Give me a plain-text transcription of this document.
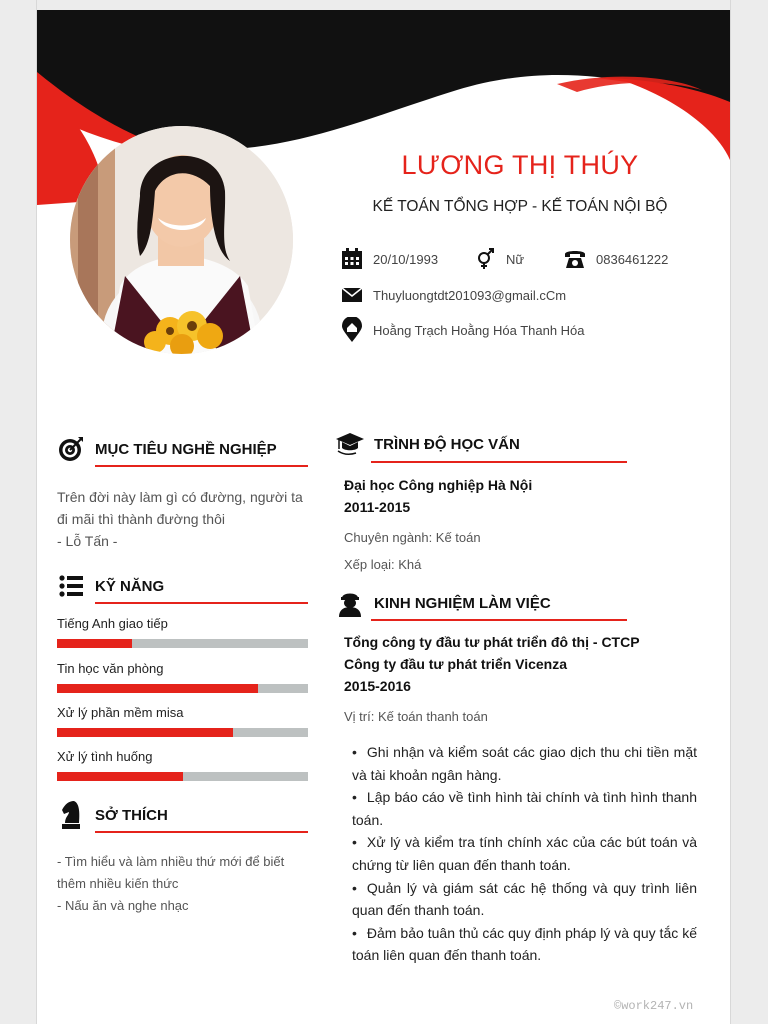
LƯƠNG THỊ THÚY
KẾ TOÁN TỔNG HỢP - KẾ TOÁN NỘI BỘ
20/10/1993	Nữ	0836461222
Thuyluongtdt201093@gmail.cCm
Hoằng Trạch Hoằng Hóa Thanh Hóa
MỤC TIÊU NGHỀ NGHIỆP
Trên đời này làm gì có đường, người ta
đi mãi thì thành đường thôi
- Lỗ Tấn -
KỸ NĂNG
Tiếng Anh giao tiếp
Tin học văn phòng
Xử lý phần mềm misa
Xử lý tình huống
SỞ THÍCH
- Tìm hiểu và làm nhiều thứ mới để biết
thêm nhiều kiến thức
- Nấu ăn và nghe nhạc
TRÌNH ĐỘ HỌC VẤN
Đại học Công nghiệp Hà Nội
2011-2015
Chuyên ngành: Kế toán
Xếp loại: Khá
KINH NGHIỆM LÀM VIỆC
Tổng công ty đầu tư phát triển đô thị - CTCP
Công ty đầu tư phát triển Vicenza
2015-2016
Vị trí: Kế toán thanh toán
• Ghi nhận và kiểm soát các giao dịch thu chi tiền mặt và tài khoản ngân hàng.
• Lập báo cáo về tình hình tài chính và tình hình thanh toán.
• Xử lý và kiểm tra tính chính xác của các bút toán và chứng từ liên quan đến thanh toán.
• Quản lý và giám sát các hệ thống và quy trình liên quan đến thanh toán.
• Đảm bảo tuân thủ các quy định pháp lý và quy tắc kế toán liên quan đến thanh toán.
©work247.vn
